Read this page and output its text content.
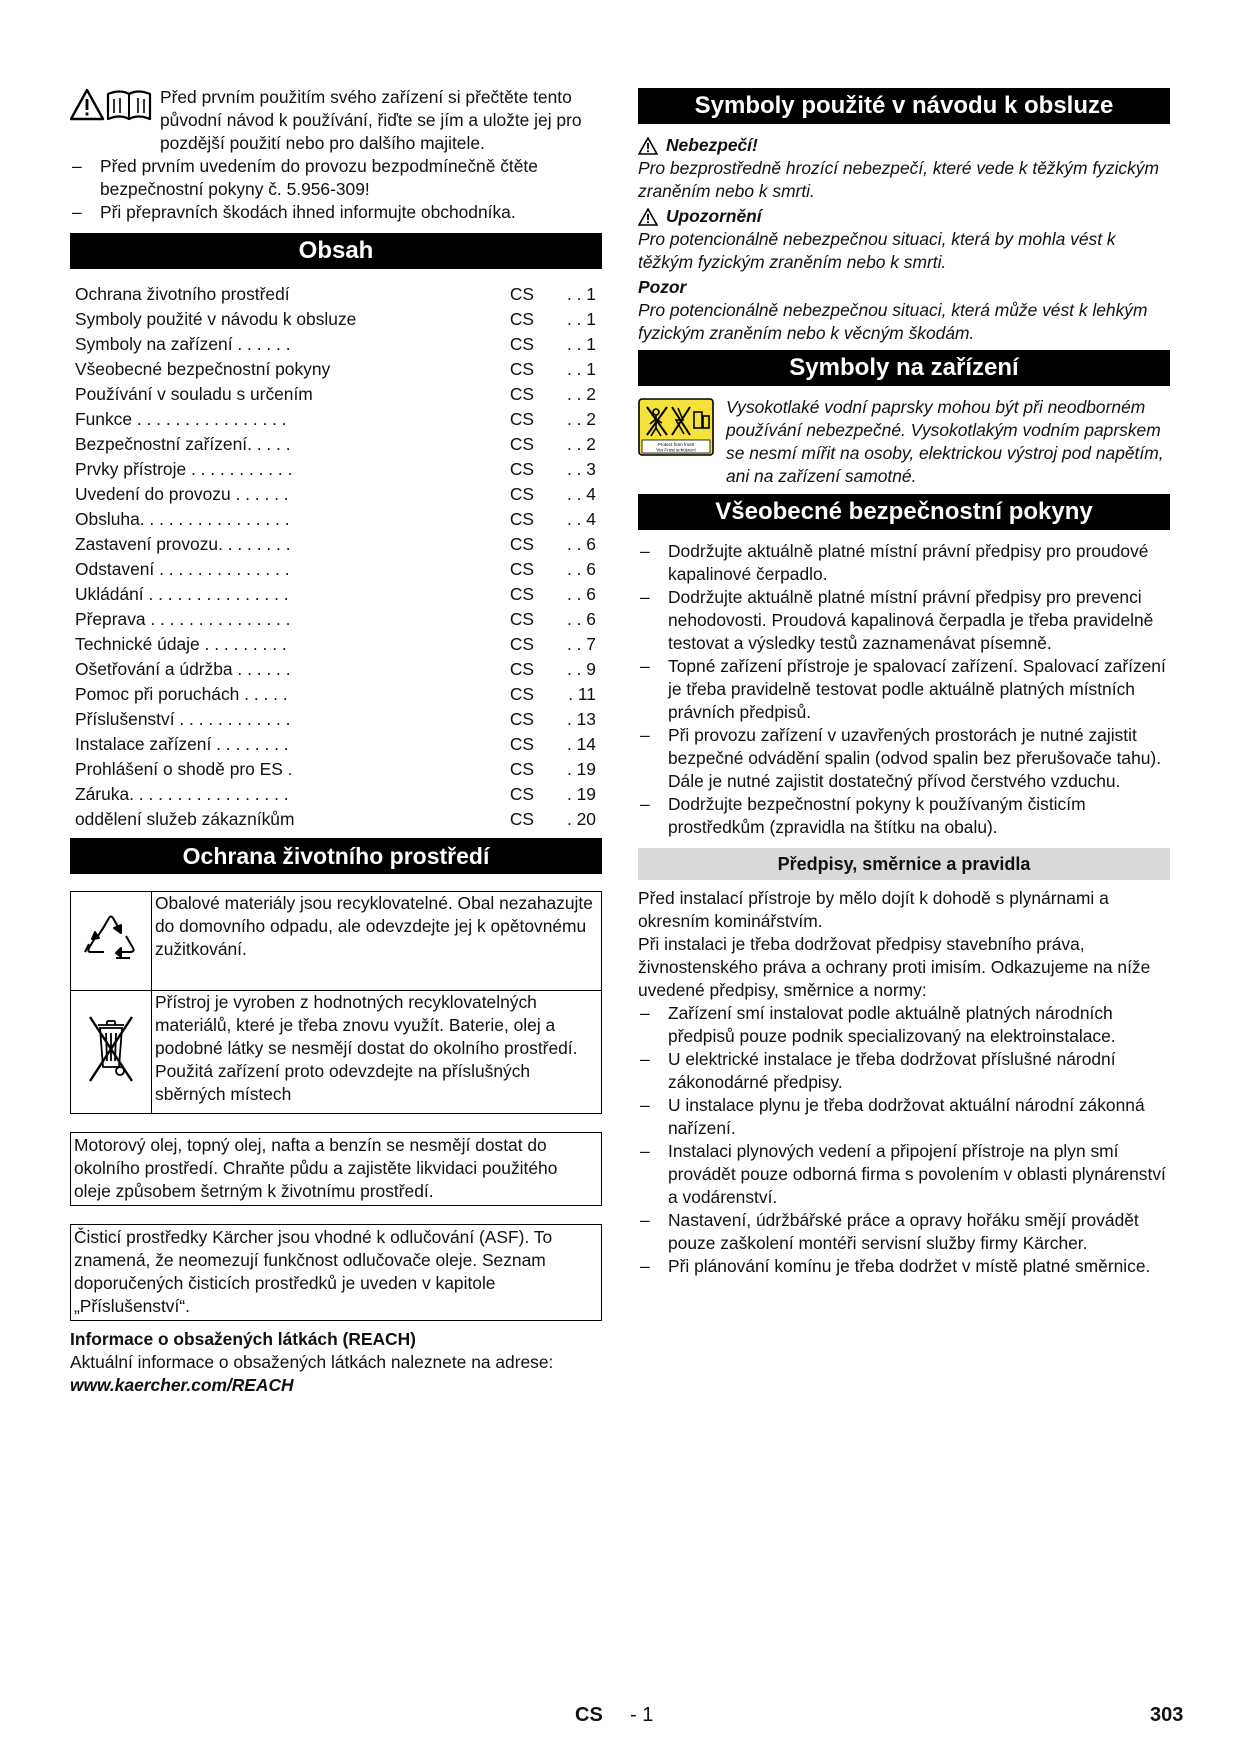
Před prvním použitím svého zařízení si přečtěte tento původní návod k používání, řiďte se jím a uložte jej pro pozdější použití nebo pro dalšího majitele.

– Před prvním uvedením do provozu bezpodmínečně čtěte bezpečnostní pokyny č. 5.956-309!

– Při přepravních škodách ihned informujte obchodníka.

Obsah
Ochrana životního prostředí	CS	. . 1
Symboly použité v návodu k obsluze	CS	. . 1
Symboly na zařízení . . . . . .	CS	. . 1
Všeobecné bezpečnostní pokyny	CS	. . 1
Používání v souladu s určením	CS	. . 2
Funkce . . . . . . . . . . . . . . . .	CS	. . 2
Bezpečnostní zařízení. . . . .	CS	. . 2
Prvky přístroje . . . . . . . . . . .	CS	. . 3
Uvedení do provozu . . . . . .	CS	. . 4
Obsluha. . . . . . . . . . . . . . . .	CS	. . 4
Zastavení provozu. . . . . . . .	CS	. . 6
Odstavení . . . . . . . . . . . . . .	CS	. . 6
Ukládání . . . . . . . . . . . . . . .	CS	. . 6
Přeprava . . . . . . . . . . . . . . .	CS	. . 6
Technické údaje . . . . . . . . .	CS	. . 7
Ošetřování a údržba . . . . . .	CS	. . 9
Pomoc při poruchách . . . . .	CS	. 11
Příslušenství . . . . . . . . . . . .	CS	. 13
Instalace zařízení . . . . . . . .	CS	. 14
Prohlášení o shodě pro ES .	CS	. 19
Záruka. . . . . . . . . . . . . . . . .	CS	. 19
oddělení služeb zákazníkům	CS	. 20
Ochrana životního prostředí
	Obalové materiály jsou recyklovatelné. Obal nezahazujte do domovního odpadu, ale odevzdejte jej k opětovnému zužitkování.
	Přístroj je vyroben z hodnotných recyklovatelných materiálů, které je třeba znovu využít. Baterie, olej a podobné látky se nesmějí dostat do okolního prostředí. Použitá zařízení proto odevzdejte na příslušných sběrných místech
Motorový olej, topný olej, nafta a benzín se nesmějí dostat do okolního prostředí. Chraňte půdu a zajistěte likvidaci použitého oleje způsobem šetrným k životnímu prostředí.
Čisticí prostředky Kärcher jsou vhodné k odlučování (ASF). To znamená, že neomezují funkčnost odlučovače oleje. Seznam doporučených čisticích prostředků je uveden v kapitole „Příslušenství“.

Informace o obsažených látkách (REACH)

Aktuální informace o obsažených látkách naleznete na adrese:

www.kaercher.com/REACH

Symboly použité v návodu k obsluze
Nebezpečí!

Pro bezprostředně hrozící nebezpečí, které vede k těžkým fyzickým zraněním nebo k smrti.

Upozornění

Pro potencionálně nebezpečnou situaci, která by mohla vést k těžkým fyzickým zraněním nebo k smrti.

Pozor

Pro potencionálně nebezpečnou situaci, která může vést k lehkým fyzickým zraněním nebo k věcným škodám.

Symboly na zařízení
Protect from frost!
Vor Frost schützen!

Vysokotlaké vodní paprsky mohou být při neodborném používání nebezpečné. Vysokotlakým vodním paprskem se nesmí mířit na osoby, elektrickou výstroj pod napětím, ani na zařízení samotné.

Všeobecné bezpečnostní pokyny

– Dodržujte aktuálně platné místní právní předpisy pro proudové kapalinové čerpadlo.

– Dodržujte aktuálně platné místní právní předpisy pro prevenci nehodovosti. Proudová kapalinová čerpadla je třeba pravidelně testovat a výsledky testů zaznamenávat písemně.

– Topné zařízení přístroje je spalovací zařízení. Spalovací zařízení je třeba pravidelně testovat podle aktuálně platných místních právních předpisů.

– Při provozu zařízení v uzavřených prostorách je nutné zajistit bezpečné odvádění spalin (odvod spalin bez přerušovače tahu). Dále je nutné zajistit dostatečný přívod čerstvého vzduchu.

– Dodržujte bezpečnostní pokyny k používaným čisticím prostředkům (zpravidla na štítku na obalu).

Předpisy, směrnice a pravidla

Před instalací přístroje by mělo dojít k dohodě s plynárnami a okresním kominářstvím.

Při instalaci je třeba dodržovat předpisy stavebního práva, živnostenského práva a ochrany proti imisím. Odkazujeme na níže uvedené předpisy, směrnice a normy:

– Zařízení smí instalovat podle aktuálně platných národních předpisů pouze podnik specializovaný na elektroinstalace.

– U elektrické instalace je třeba dodržovat příslušné národní zákonodárné předpisy.

– U instalace plynu je třeba dodržovat aktuální národní zákonná nařízení.

– Instalaci plynových vedení a připojení přístroje na plyn smí provádět pouze odborná firma s povolením v oblasti plynárenství a vodárenství.

– Nastavení, údržbářské práce a opravy hořáku smějí provádět pouze zaškolení montéři servisní služby firmy Kärcher.

– Při plánování komínu je třeba dodržet v místě platné směrnice.

CS - 1	303
